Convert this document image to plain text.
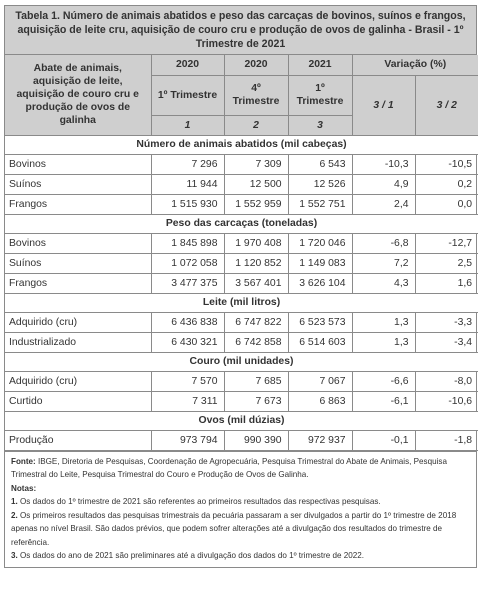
Tabela 1. Número de animais abatidos e peso das carcaças de bovinos, suínos e frangos, aquisição de leite cru, aquisição de couro cru e produção de ovos de galinha - Brasil - 1º Trimestre de 2021
Abate de animais, aquisição de leite, aquisição de couro cru e produção de ovos de galinha	2020	2020	2021	Variação (%)	
	1º Trimestre	4º Trimestre	1º Trimestre	3 / 1	3 / 2
	1	2	3		
Número de animais abatidos (mil cabeças)					
Bovinos	7 296	7 309	6 543	-10,3	-10,5
Suínos	11 944	12 500	12 526	4,9	0,2
Frangos	1 515 930	1 552 959	1 552 751	2,4	0,0
Peso das carcaças (toneladas)					
Bovinos	1 845 898	1 970 408	1 720 046	-6,8	-12,7
Suínos	1 072 058	1 120 852	1 149 083	7,2	2,5
Frangos	3 477 375	3 567 401	3 626 104	4,3	1,6
Leite (mil litros)					
Adquirido (cru)	6 436 838	6 747 822	6 523 573	1,3	-3,3
Industrializado	6 430 321	6 742 858	6 514 603	1,3	-3,4
Couro (mil unidades)					
Adquirido (cru)	7 570	7 685	7 067	-6,6	-8,0
Curtido	7 311	7 673	6 863	-6,1	-10,6
Ovos (mil dúzias)					
Produção	973 794	990 390	972 937	-0,1	-1,8
Fonte: IBGE, Diretoria de Pesquisas, Coordenação de Agropecuária, Pesquisa Trimestral do Abate de Animais, Pesquisa Trimestral do Leite, Pesquisa Trimestral do Couro e Produção de Ovos de Galinha.
Notas:
1. Os dados do 1º trimestre de 2021 são referentes ao primeiros resultados das respectivas pesquisas.
2. Os primeiros resultados das pesquisas trimestrais da pecuária passaram a ser divulgados a partir do 1º trimestre de 2018 apenas no nível Brasil. São dados prévios, que podem sofrer alterações até a divulgação dos resultados do trimestre de referência.
3. Os dados do ano de 2021 são preliminares até a divulgação dos dados do 1º trimestre de 2022.
